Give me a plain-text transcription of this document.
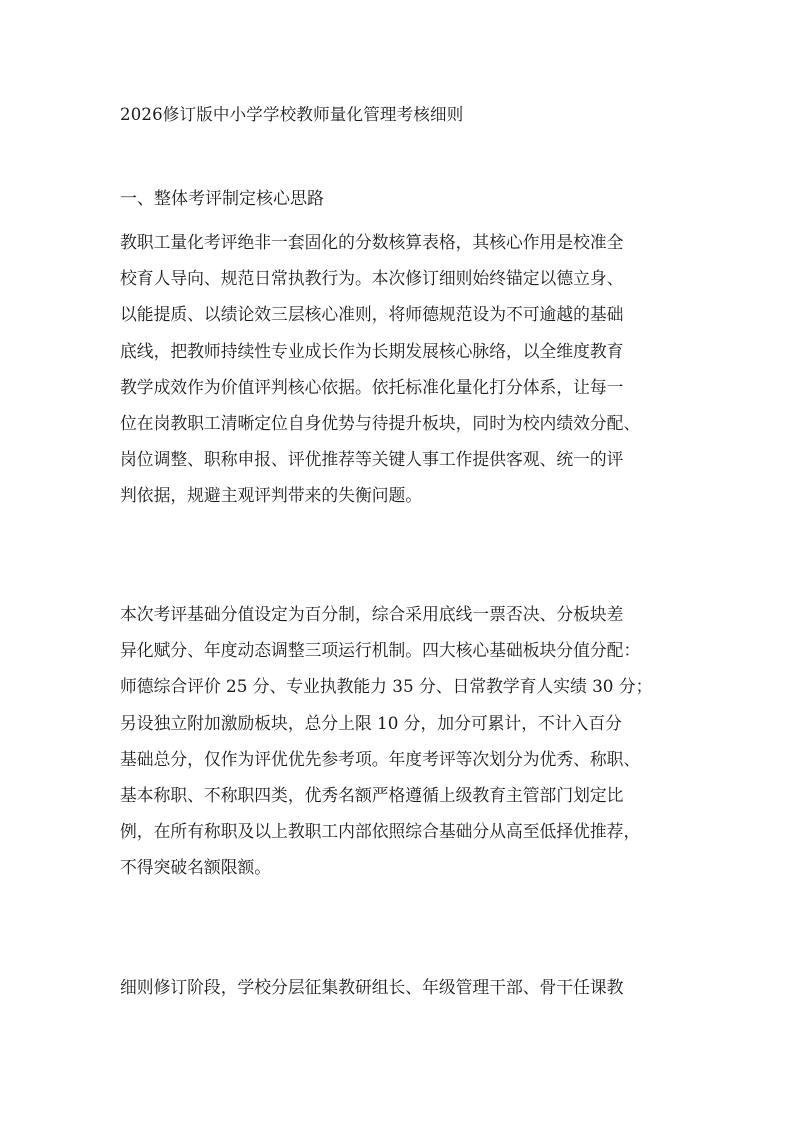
2026修订版中小学学校教师量化管理考核细则
一、整体考评制定核心思路
教职工量化考评绝非一套固化的分数核算表格，其核心作用是校准全
校育人导向、规范日常执教行为。本次修订细则始终锚定以德立身、
以能提质、以绩论效三层核心准则，将师德规范设为不可逾越的基础
底线，把教师持续性专业成长作为长期发展核心脉络，以全维度教育
教学成效作为价值评判核心依据。依托标准化量化打分体系，让每一
位在岗教职工清晰定位自身优势与待提升板块，同时为校内绩效分配、
岗位调整、职称申报、评优推荐等关键人事工作提供客观、统一的评
判依据，规避主观评判带来的失衡问题。
本次考评基础分值设定为百分制，综合采用底线一票否决、分板块差
异化赋分、年度动态调整三项运行机制。四大核心基础板块分值分配：
师德综合评价 25 分、专业执教能力 35 分、日常教学育人实绩 30 分；
另设独立附加激励板块，总分上限 10 分，加分可累计，不计入百分
基础总分，仅作为评优优先参考项。年度考评等次划分为优秀、称职、
基本称职、不称职四类，优秀名额严格遵循上级教育主管部门划定比
例，在所有称职及以上教职工内部依照综合基础分从高至低择优推荐，
不得突破名额限额。
细则修订阶段，学校分层征集教研组长、年级管理干部、骨干任课教
